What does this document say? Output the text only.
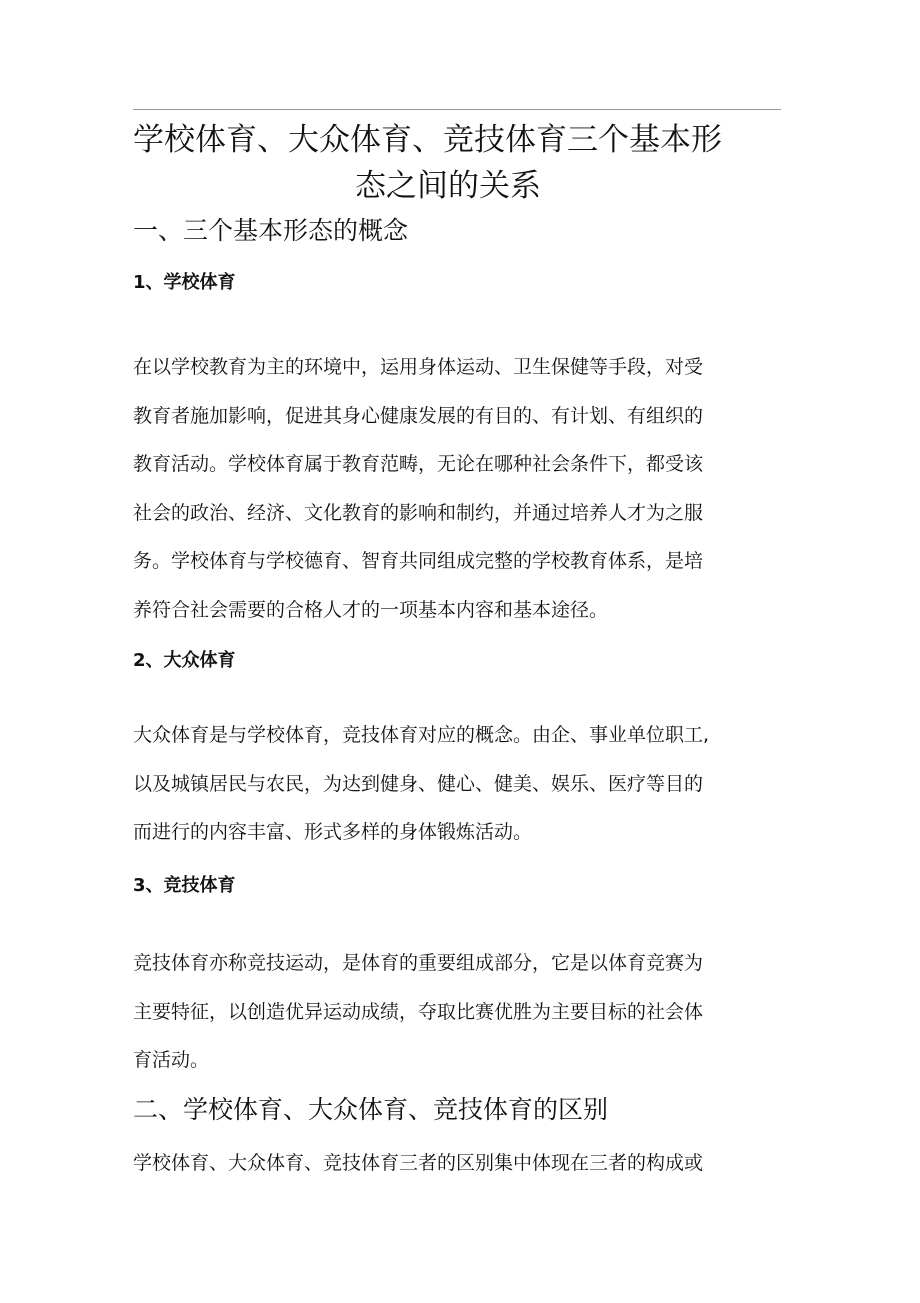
学校体育、大众体育、竞技体育三个基本形
态之间的关系
一、三个基本形态的概念
1、学校体育
在以学校教育为主的环境中，运用身体运动、卫生保健等手段，对受
教育者施加影响，促进其身心健康发展的有目的、有计划、有组织的
教育活动。学校体育属于教育范畴，无论在哪种社会条件下，都受该
社会的政治、经济、文化教育的影响和制约，并通过培养人才为之服
务。学校体育与学校德育、智育共同组成完整的学校教育体系，是培
养符合社会需要的合格人才的一项基本内容和基本途径。
2、大众体育
大众体育是与学校体育，竞技体育对应的概念。由企、事业单位职工,
以及城镇居民与农民，为达到健身、健心、健美、娱乐、医疗等目的
而进行的内容丰富、形式多样的身体锻炼活动。
3、竞技体育
竞技体育亦称竞技运动，是体育的重要组成部分，它是以体育竞赛为
主要特征，以创造优异运动成绩，夺取比赛优胜为主要目标的社会体
育活动。
二、学校体育、大众体育、竞技体育的区别
学校体育、大众体育、竞技体育三者的区别集中体现在三者的构成或
